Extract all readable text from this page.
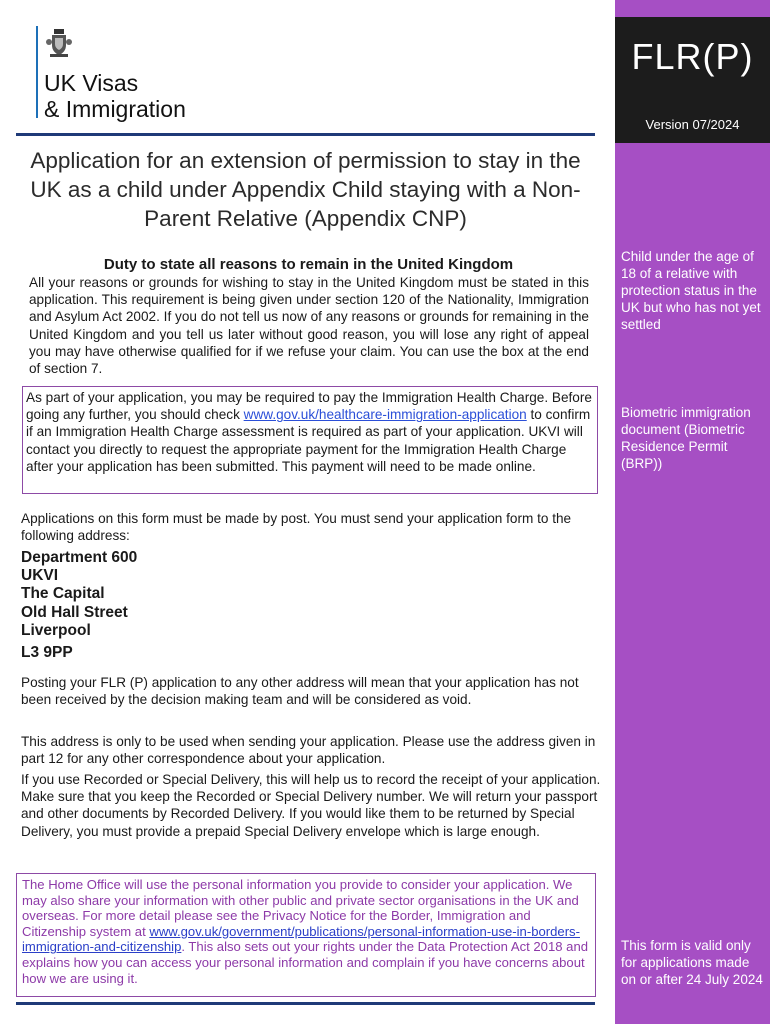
UK Visas
& Immigration
FLR(P)
Version 07/2024
Child under the age of 18 of a relative with protection status in the UK but who has not yet settled
Biometric immigration document (Biometric Residence Permit (BRP))
This form is valid only for applications made on or after 24 July 2024
Application for an extension of permission to stay in the UK as a child under Appendix Child staying with a Non-Parent Relative (Appendix CNP)
Duty to state all reasons to remain in the United Kingdom
All your reasons or grounds for wishing to stay in the United Kingdom must be stated in this application. This requirement is being given under section 120 of the Nationality, Immigration and Asylum Act 2002. If you do not tell us now of any reasons or grounds for remaining in the United Kingdom and you tell us later without good reason, you will lose any right of appeal you may have otherwise qualified for if we refuse your claim. You can use the box at the end of section 7.
As part of your application, you may be required to pay the Immigration Health Charge. Before going any further, you should check www.gov.uk/healthcare-immigration-application to confirm if an Immigration Health Charge assessment is required as part of your application. UKVI will contact you directly to request the appropriate payment for the Immigration Health Charge after your application has been submitted. This payment will need to be made online.
Applications on this form must be made by post. You must send your application form to the following address:
Department 600
UKVI
The Capital
Old Hall Street
Liverpool
L3 9PP
Posting your FLR (P) application to any other address will mean that your application has not been received by the decision making team and will be considered as void.
This address is only to be used when sending your application. Please use the address given in part 12 for any other correspondence about your application.
If you use Recorded or Special Delivery, this will help us to record the receipt of your application. Make sure that you keep the Recorded or Special Delivery number. We will return your passport and other documents by Recorded Delivery. If you would like them to be returned by Special Delivery, you must provide a prepaid Special Delivery envelope which is large enough.
The Home Office will use the personal information you provide to consider your application. We may also share your information with other public and private sector organisations in the UK and overseas. For more detail please see the Privacy Notice for the Border, Immigration and Citizenship system at www.gov.uk/government/publications/personal-information-use-in-borders-immigration-and-citizenship. This also sets out your rights under the Data Protection Act 2018 and explains how you can access your personal information and complain if you have concerns about how we are using it.
